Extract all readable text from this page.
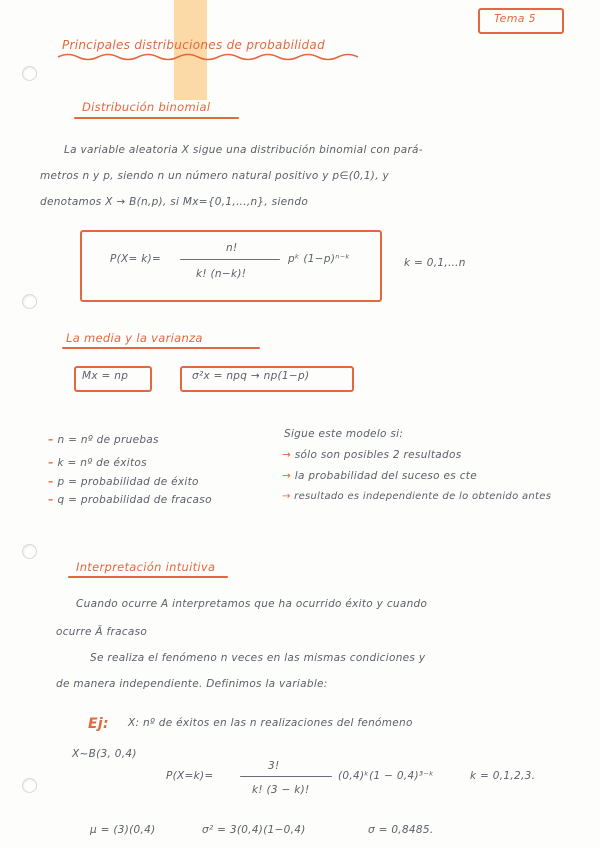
Tema 5
Principales distribuciones de probabilidad
Distribución binomial
La variable aleatoria X sigue una distribución binomial con pará-
metros n y p, siendo n un número natural positivo y p∈(0,1), y
denotamos X → B(n,p), si Mx={0,1,…,n}, siendo
P(X= k)=
n!
k! (n−k)!
pᵏ (1−p)ⁿ⁻ᵏ	k = 0,1,…n
La media y la varianza
Mx = np	σ²x = npq → np(1−p)
– n = nº de pruebas
– k = nº de éxitos
– p = probabilidad de éxito
– q = probabilidad de fracaso
Sigue este modelo si:
→ sólo son posibles 2 resultados
→ la probabilidad del suceso es cte
→ resultado es independiente de lo obtenido antes
Interpretación intuitiva
Cuando ocurre A interpretamos que ha ocurrido éxito y cuando
ocurre Ā fracaso
Se realiza el fenómeno n veces en las mismas condiciones y
de manera independiente. Definimos la variable:
Ej: X: nº de éxitos en las n realizaciones del fenómeno
X~B(3, 0,4)
P(X=k)=
3!
k! (3 − k)!
(0,4)ᵏ(1 − 0,4)³⁻ᵏ	k = 0,1,2,3.
μ = (3)(0,4)	σ² = 3(0,4)(1−0,4)	σ = 0,8485.
